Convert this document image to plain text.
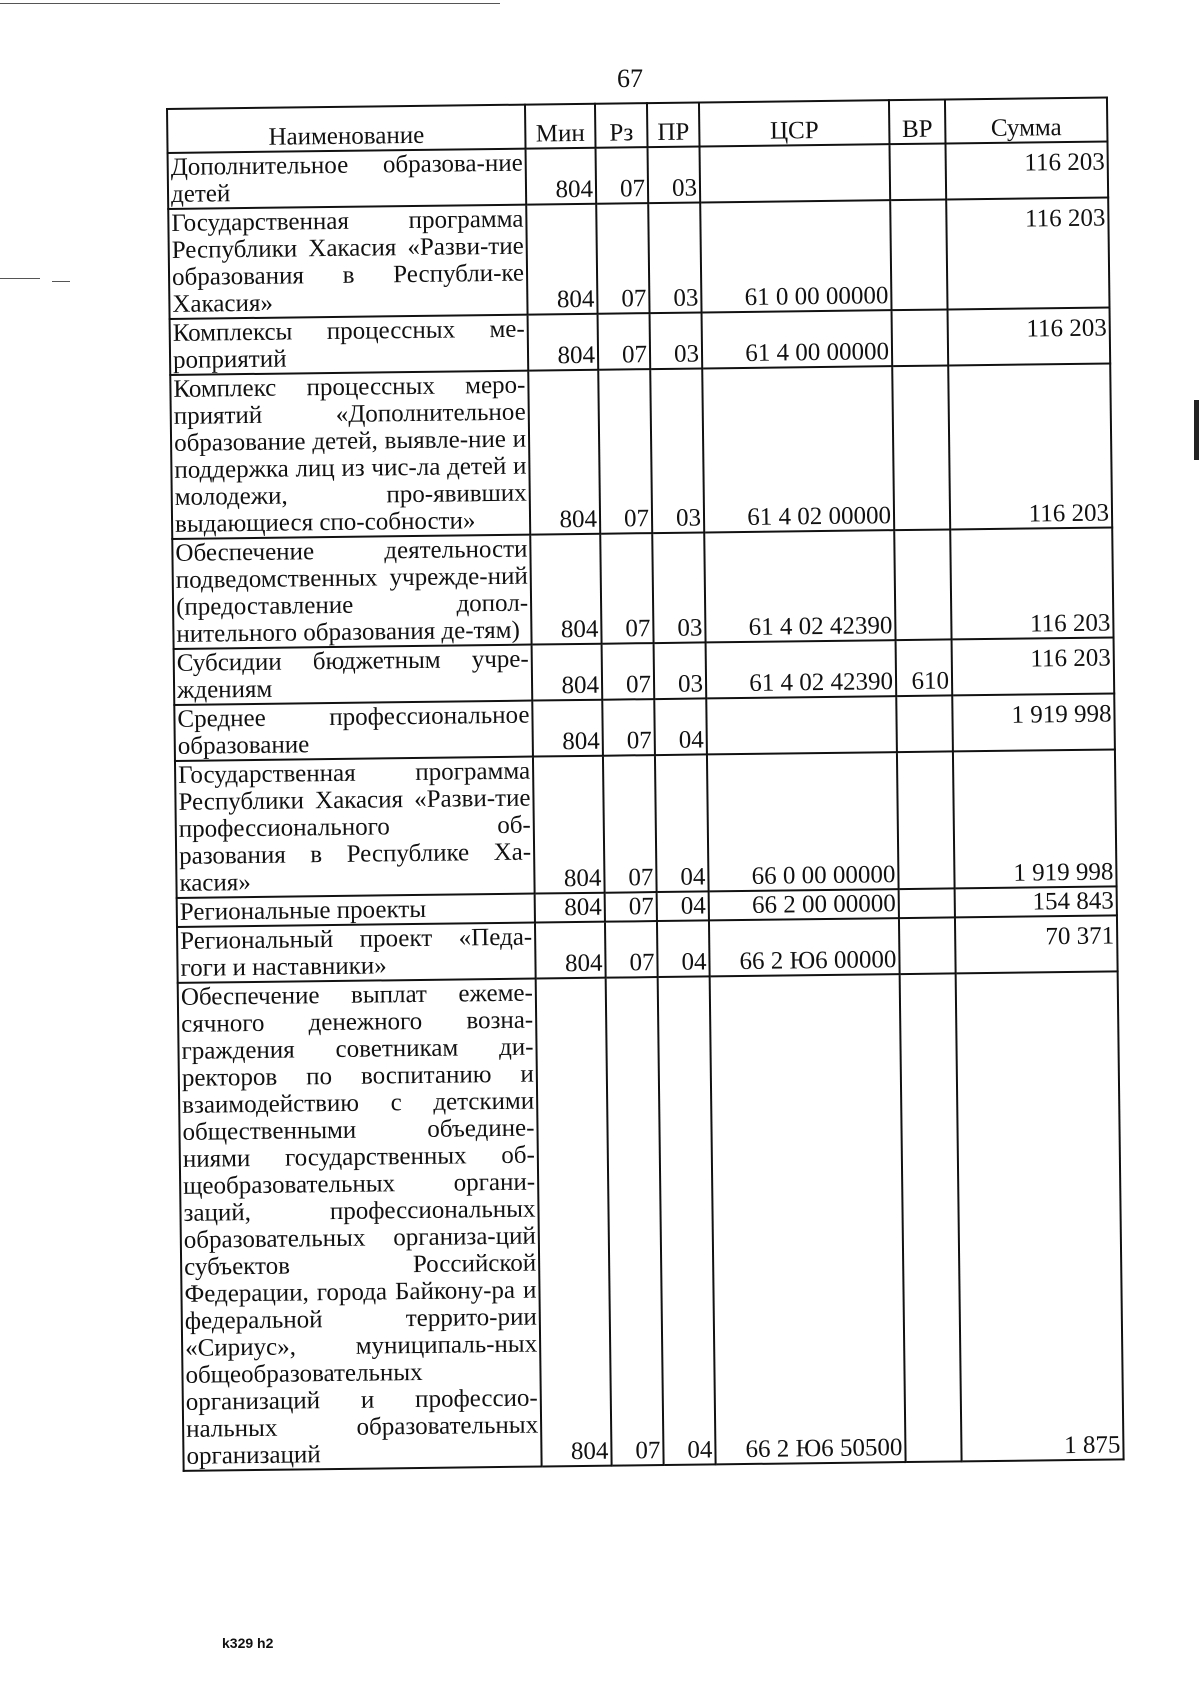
67
Наименование	Мин	Рз	ПР	ЦСР	ВР	Сумма
Дополнительное образова-ние детей	804	07	03			116 203
Государственная программа Республики Хакасия «Разви-тие образования в Республи-ке Хакасия»	804	07	03	61 0 00 00000		116 203
Комплексы процессных ме-роприятий	804	07	03	61 4 00 00000		116 203
Комплекс процессных меро-приятий «Дополнительное образование детей, выявле-ние и поддержка лиц из чис-ла детей и молодежи, про-явивших выдающиеся спо-собности»	804	07	03	61 4 02 00000		116 203
Обеспечение деятельности подведомственных учрежде-ний (предоставление допол-нительного образования де-тям)	804	07	03	61 4 02 42390		116 203
Субсидии бюджетным учре-ждениям	804	07	03	61 4 02 42390	610	116 203
Среднее профессиональное образование	804	07	04			1 919 998
Государственная программа Республики Хакасия «Разви-тие профессионального об-разования в Республике Ха-касия»	804	07	04	66 0 00 00000		1 919 998
Региональные проекты	804	07	04	66 2 00 00000		154 843
Региональный проект «Педа-гоги и наставники»	804	07	04	66 2 Ю6 00000		70 371
Обеспечение выплат ежеме-сячного денежного возна-граждения советникам ди-ректоров по воспитанию и взаимодействию с детскими общественными объедине-ниями государственных об-щеобразовательных органи-заций, профессиональных образовательных организа-ций субъектов Российской Федерации, города Байкону-ра и федеральной террито-рии «Сириус», муниципаль-ных общеобразовательных организаций и профессио-нальных образовательных организаций	804	07	04	66 2 Ю6 50500		1 875
k329 h2
